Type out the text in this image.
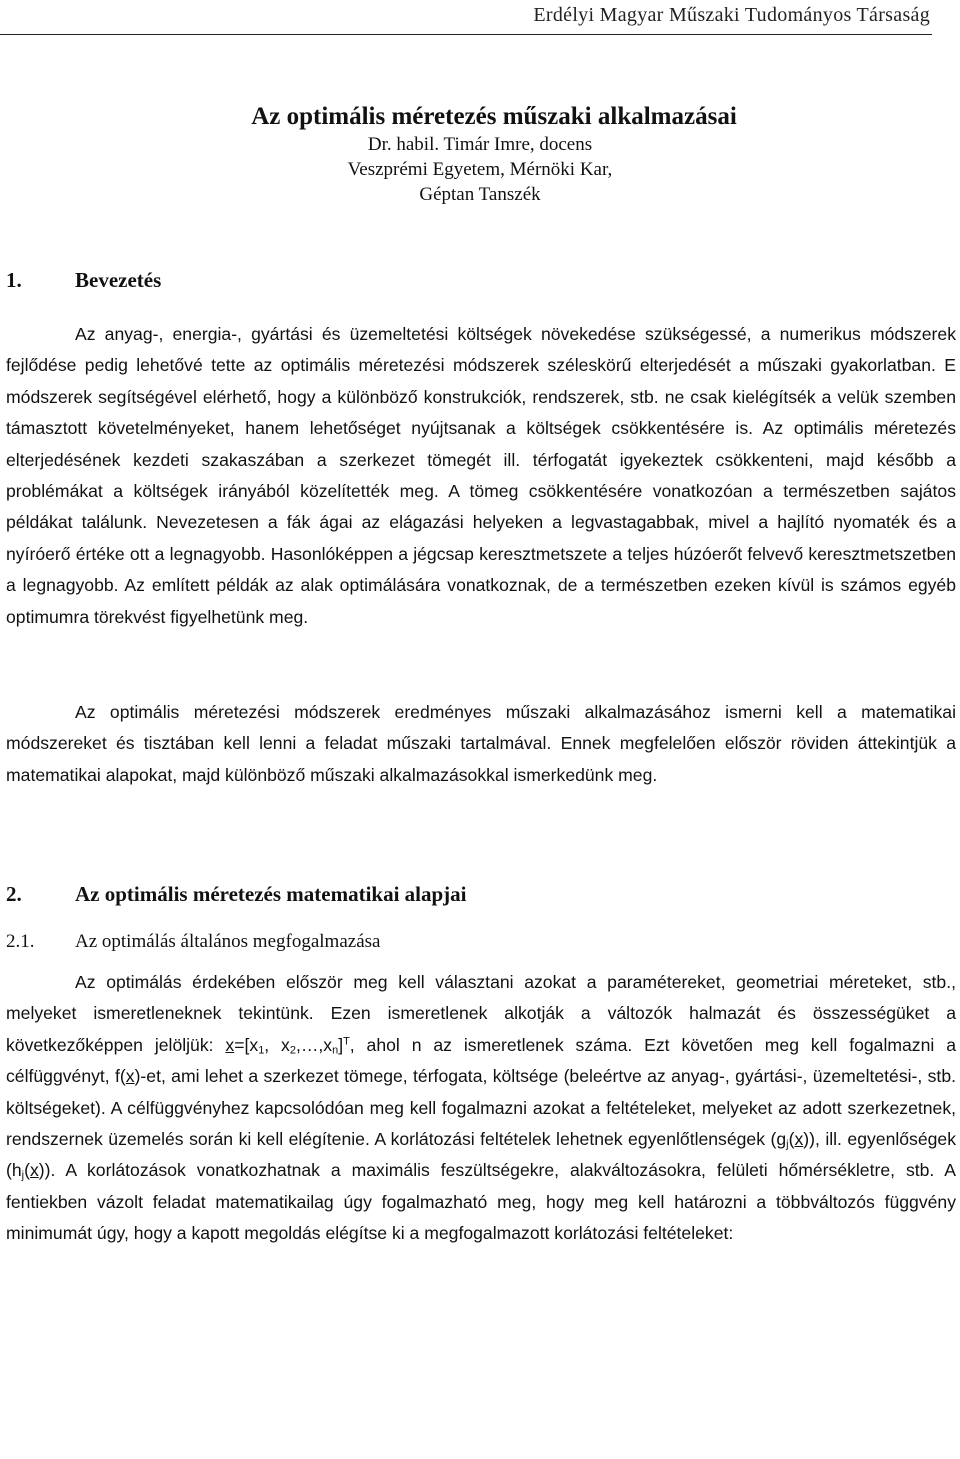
Erdélyi Magyar Műszaki Tudományos Társaság
Az optimális méretezés műszaki alkalmazásai
Dr. habil. Timár Imre, docens
Veszprémi Egyetem, Mérnöki Kar,
Géptan Tanszék
1.	Bevezetés

Az anyag-, energia-, gyártási és üzemeltetési költségek növekedése szükségessé, a numerikus módszerek fejlődése pedig lehetővé tette az optimális méretezési módszerek széleskörű elterjedését a műszaki gyakorlatban. E módszerek segítségével elérhető, hogy a különböző konstrukciók, rendszerek, stb. ne csak kielégítsék a velük szemben támasztott követelményeket, hanem lehetőséget nyújtsanak a költségek csökkentésére is. Az optimális méretezés elterjedésének kezdeti szakaszában a szerkezet tömegét ill. térfogatát igyekeztek csökkenteni, majd később a problémákat a költségek irányából közelítették meg. A tömeg csökkentésére vonatkozóan a természetben sajátos példákat találunk. Nevezetesen a fák ágai az elágazási helyeken a legvastagabbak, mivel a hajlító nyomaték és a nyíróerő értéke ott a legnagyobb. Hasonlóképpen a jégcsap keresztmetszete a teljes húzóerőt felvevő keresztmetszetben a legnagyobb. Az említett példák az alak optimálására vonatkoznak, de a természetben ezeken kívül is számos egyéb optimumra törekvést figyelhetünk meg.

Az optimális méretezési módszerek eredményes műszaki alkalmazásához ismerni kell a matematikai módszereket és tisztában kell lenni a feladat műszaki tartalmával. Ennek megfelelően először röviden áttekintjük a matematikai alapokat, majd különböző műszaki alkalmazásokkal ismerkedünk meg.

2.	Az optimális méretezés matematikai alapjai
2.1. Az optimálás általános megfogalmazása

Az optimálás érdekében először meg kell választani azokat a paramétereket, geometriai méreteket, stb., melyeket ismeretleneknek tekintünk. Ezen ismeretlenek alkotják a változók halmazát és összességüket a következőképpen jelöljük: $x=[x_1$, $x_2,\dots,x_n]^T$, ahol n az ismeretlenek száma. Ezt követően meg kell fogalmazni a célfüggvényt, f(x)-et, ami lehet a szerkezet tömege, térfogata, költsége (beleértve az anyag-, gyártási-, üzemeltetési-, stb. költségeket). A célfüggvényhez kapcsolódóan meg kell fogalmazni azokat a feltételeket, melyeket az adott szerkezetnek, rendszernek üzemelés során ki kell elégítenie. A korlátozási feltételek lehetnek egyenlőtlenségek $(g_j(x))$, ill. egyenlőségek $(h_j(x))$. A korlátozások vonatkozhatnak a maximális feszültségekre, alakváltozásokra, felületi hőmérsékletre, stb. A fentiekben vázolt feladat matematikailag úgy fogalmazható meg, hogy meg kell határozni a többváltozós függvény minimumát úgy, hogy a kapott megoldás elégítse ki a megfogalmazott korlátozási feltételeket:
